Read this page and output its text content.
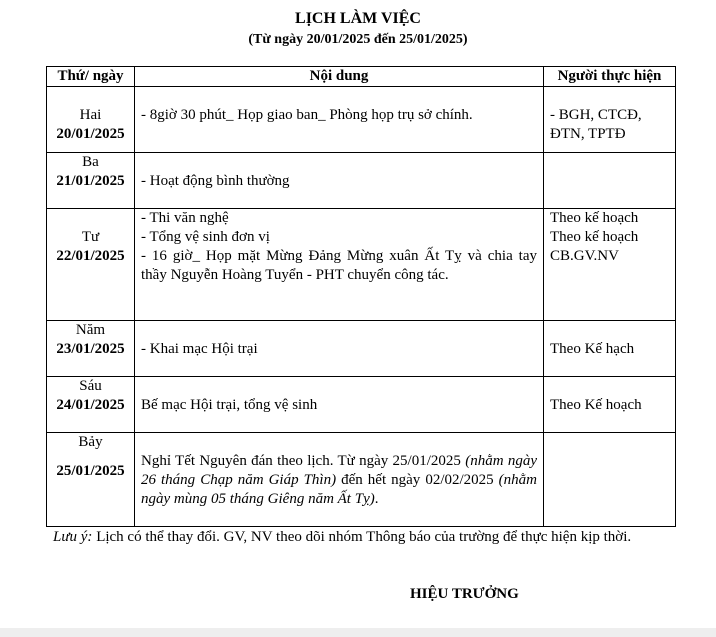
LỊCH LÀM VIỆC
(Từ ngày 20/01/2025 đến 25/01/2025)
Thứ/ ngày	Nội dung	Người thực hiện

Hai
20/01/2025	- 8giờ 30 phút_ Họp giao ban_ Phòng họp trụ sở chính.	- BGH, CTCĐ,
ĐTN, TPTĐ

Ba
21/01/2025	- Hoạt động bình thường	

Tư
22/01/2025	- Thi văn nghệ
- Tổng vệ sinh đơn vị
- 16 giờ_ Họp mặt Mừng Đảng Mừng xuân Ất Tỵ và chia tay thầy Nguyễn Hoàng Tuyển - PHT chuyển công tác.	Theo kế hoạch
Theo kế hoạch
CB.GV.NV

Năm
23/01/2025	- Khai mạc Hội trại	Theo Kế hạch

Sáu
24/01/2025	Bế mạc Hội trại, tổng vệ sinh	Theo Kế hoạch

Bảy
25/01/2025	Nghỉ Tết Nguyên đán theo lịch. Từ ngày 25/01/2025 (nhằm ngày 26 tháng Chạp năm Giáp Thìn) đến hết ngày 02/02/2025 (nhằm ngày mùng 05 tháng Giêng năm Ất Tỵ).	
Lưu ý: Lịch có thể thay đổi. GV, NV theo dõi nhóm Thông báo của trường để thực hiện kịp thời.
HIỆU TRƯỞNG
